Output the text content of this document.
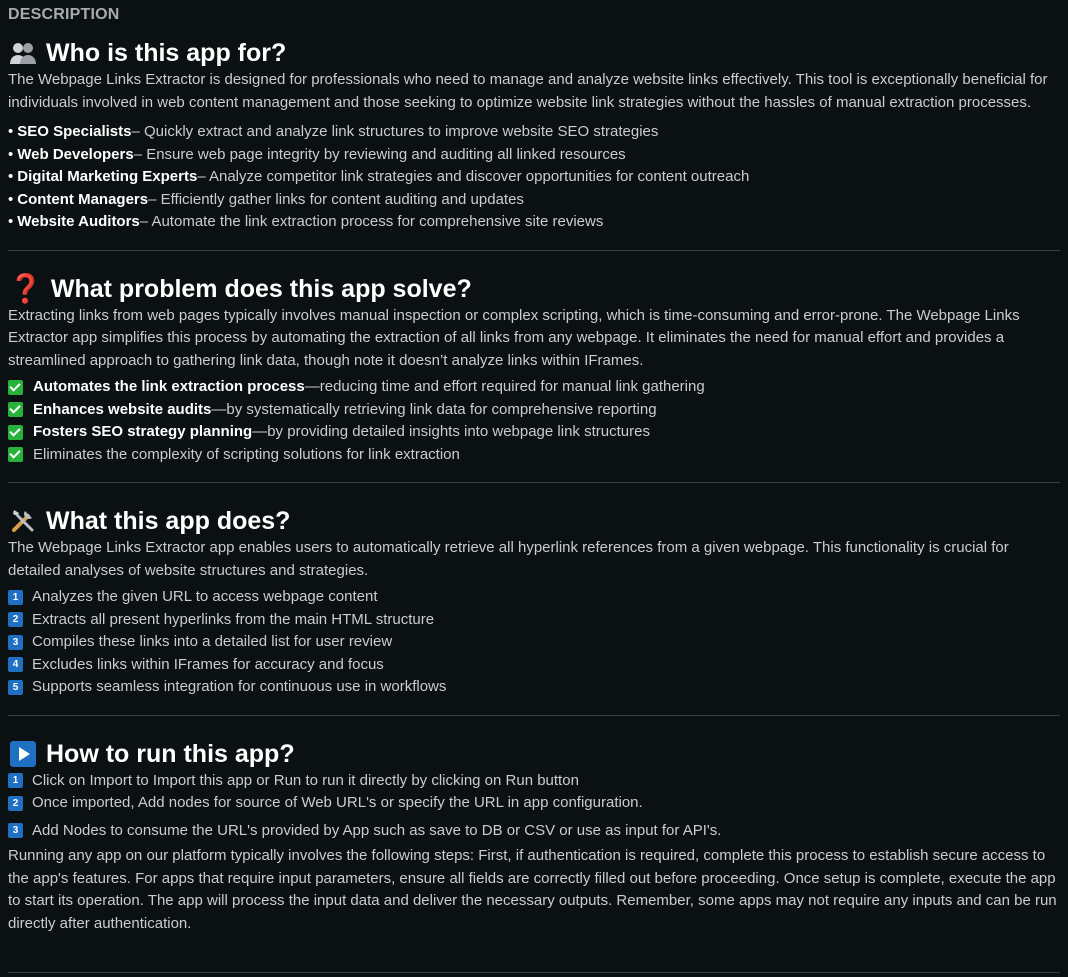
DESCRIPTION
Who is this app for?

The Webpage Links Extractor is designed for professionals who need to manage and analyze website links effectively. This tool is exceptionally beneficial for individuals involved in web content management and those seeking to optimize website link strategies without the hassles of manual extraction processes.

• SEO Specialists – Quickly extract and analyze link structures to improve website SEO strategies
• Web Developers – Ensure web page integrity by reviewing and auditing all linked resources
• Digital Marketing Experts – Analyze competitor link strategies and discover opportunities for content outreach
• Content Managers – Efficiently gather links for content auditing and updates
• Website Auditors – Automate the link extraction process for comprehensive site reviews
❓ What problem does this app solve?

Extracting links from web pages typically involves manual inspection or complex scripting, which is time-consuming and error-prone. The Webpage Links Extractor app simplifies this process by automating the extraction of all links from any webpage. It eliminates the need for manual effort and provides a streamlined approach to gathering link data, though note it doesn’t analyze links within IFrames.

Automates the link extraction process —reducing time and effort required for manual link gathering
Enhances website audits —by systematically retrieving link data for comprehensive reporting
Fosters SEO strategy planning —by providing detailed insights into webpage link structures
Eliminates the complexity of scripting solutions for link extraction
What this app does?

The Webpage Links Extractor app enables users to automatically retrieve all hyperlink references from a given webpage. This functionality is crucial for detailed analyses of website structures and strategies.

1 Analyzes the given URL to access webpage content
2 Extracts all present hyperlinks from the main HTML structure
3 Compiles these links into a detailed list for user review
4 Excludes links within IFrames for accuracy and focus
5 Supports seamless integration for continuous use in workflows
How to run this app?
1 Click on Import to Import this app or Run to run it directly by clicking on Run button
2 Once imported, Add nodes for source of Web URL's or specify the URL in app configuration.
3 Add Nodes to consume the URL's provided by App such as save to DB or CSV or use as input for API's.

Running any app on our platform typically involves the following steps: First, if authentication is required, complete this process to establish secure access to the app's features. For apps that require input parameters, ensure all fields are correctly filled out before proceeding. Once setup is complete, execute the app to start its operation. The app will process the input data and deliver the necessary outputs. Remember, some apps may not require any inputs and can be run directly after authentication.
